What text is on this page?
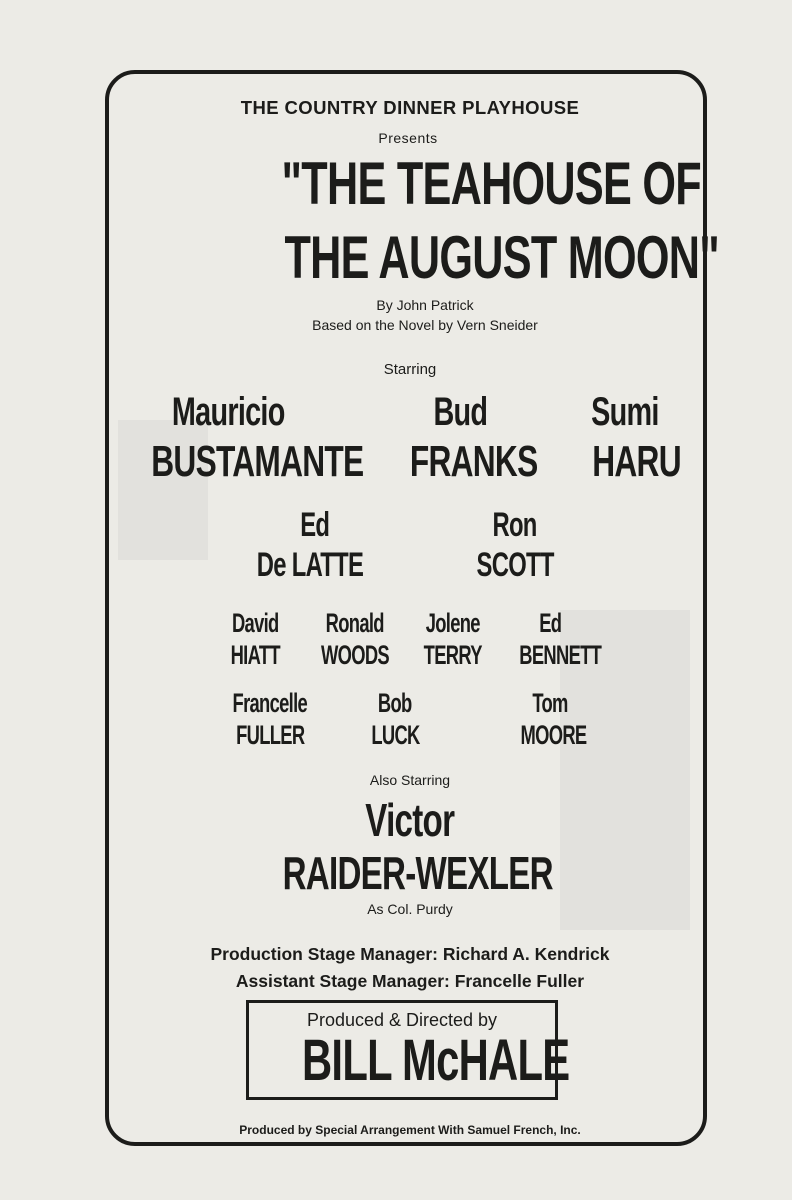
THE COUNTRY DINNER PLAYHOUSE
Presents
"THE TEAHOUSE OF
THE AUGUST MOON"
By John Patrick
Based on the Novel by Vern Sneider
Starring
Mauricio
BUSTAMANTE
Bud
FRANKS
Sumi
HARU
Ed
De LATTE
Ron
SCOTT
David
HIATT
Ronald
WOODS
Jolene
TERRY
Ed
BENNETT
Francelle
FULLER
Bob
LUCK
Tom
MOORE
Also Starring
Victor
RAIDER-WEXLER
As Col. Purdy
Production Stage Manager: Richard A. Kendrick
Assistant Stage Manager: Francelle Fuller
Produced & Directed by
BILL McHALE
Produced by Special Arrangement With Samuel French, Inc.
